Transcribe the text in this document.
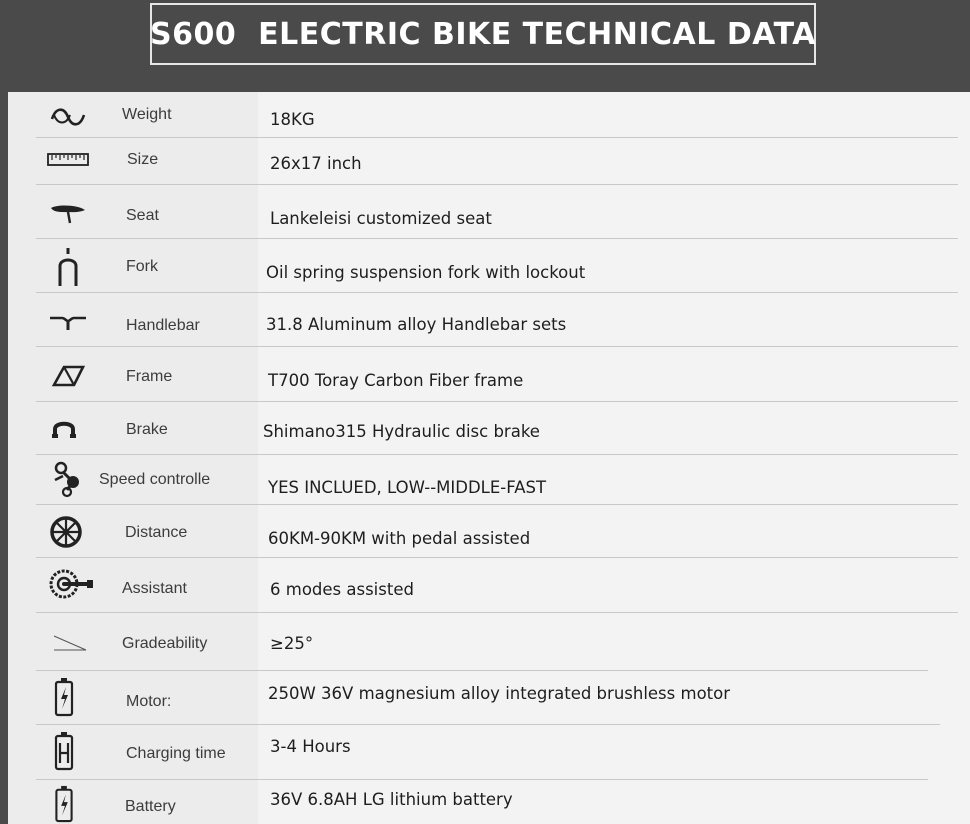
S600  ELECTRIC BIKE TECHNICAL DATA
Weight	18KG
Size	26x17 inch
Seat	Lankeleisi customized seat
Fork	Oil spring suspension fork with lockout
Handlebar	31.8 Aluminum alloy Handlebar sets
Frame	T700 Toray Carbon Fiber frame
Brake	Shimano315 Hydraulic disc brake
Speed controlle	YES INCLUED, LOW--MIDDLE-FAST
Distance	60KM-90KM with pedal assisted
Assistant	6 modes assisted
Gradeability	≥25°
Motor:	250W 36V magnesium alloy integrated brushless motor
Charging time	3-4 Hours
Battery	36V 6.8AH LG lithium battery
